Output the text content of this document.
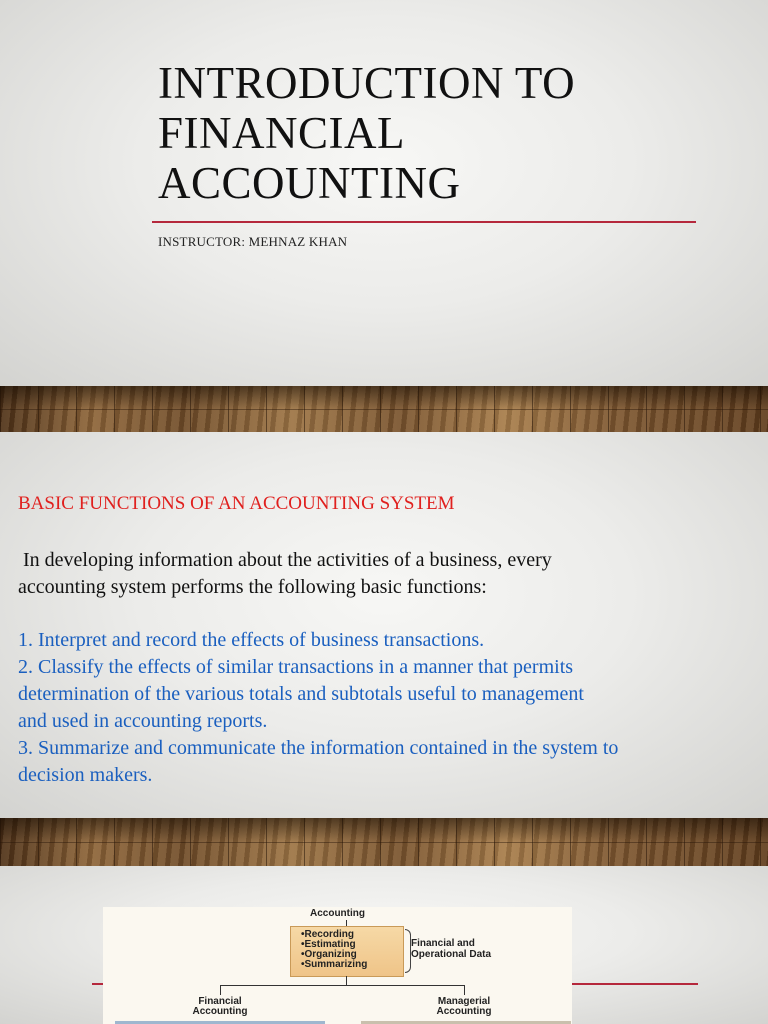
INTRODUCTION TO
FINANCIAL
ACCOUNTING
INSTRUCTOR: MEHNAZ KHAN
BASIC FUNCTIONS OF AN ACCOUNTING SYSTEM

In developing information about the activities of a business, every
accounting system performs the following basic functions:

1. Interpret and record the effects of business transactions.
2. Classify the effects of similar transactions in a manner that permits
determination of the various totals and subtotals useful to management
and used in accounting reports.
3. Summarize and communicate the information contained in the system to
decision makers.
Accounting
• Recording
• Estimating
• Organizing
• Summarizing
Financial and
Operational Data
Financial
Accounting
Managerial
Accounting
